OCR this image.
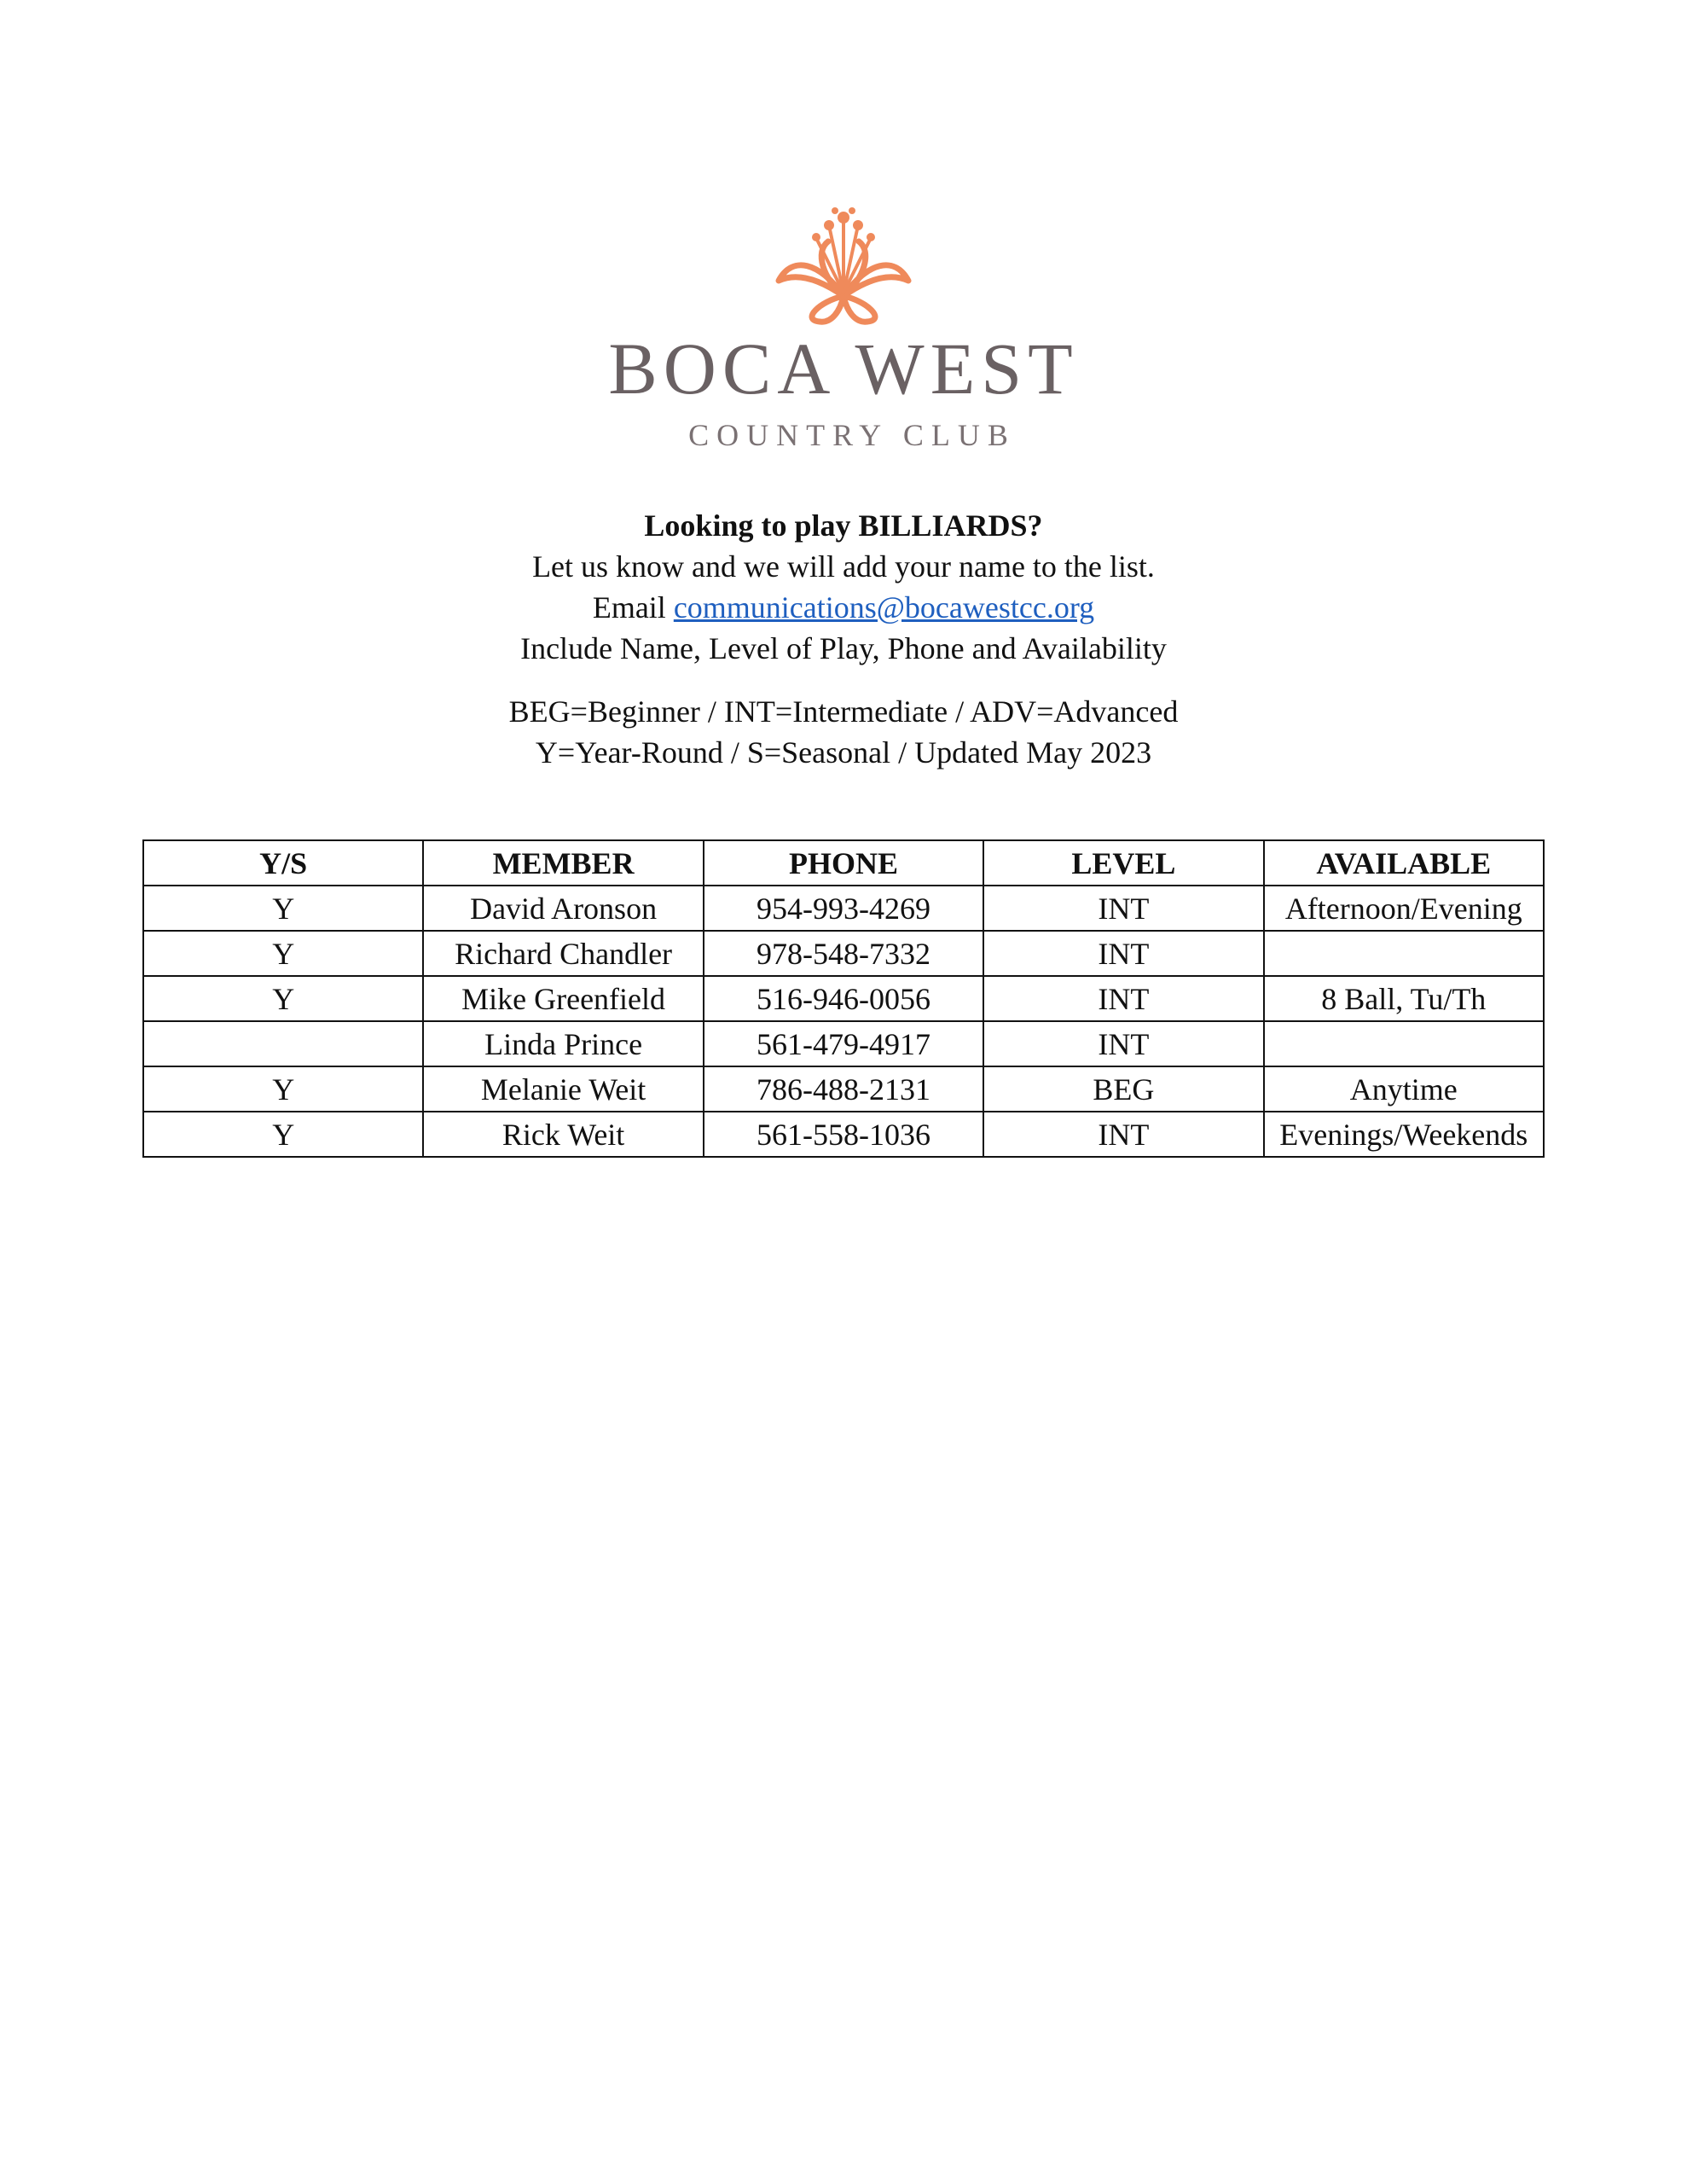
BOCA WEST
COUNTRY CLUB
Looking to play BILLIARDS?
Let us know and we will add your name to the list.
Email communications@bocawestcc.org
Include Name, Level of Play, Phone and Availability
BEG=Beginner / INT=Intermediate / ADV=Advanced
Y=Year-Round / S=Seasonal / Updated May 2023
Y/S	MEMBER	PHONE	LEVEL	AVAILABLE
Y	David Aronson	954-993-4269	INT	Afternoon/Evening
Y	Richard Chandler	978-548-7332	INT	
Y	Mike Greenfield	516-946-0056	INT	8 Ball, Tu/Th
	Linda Prince	561-479-4917	INT	
Y	Melanie Weit	786-488-2131	BEG	Anytime
Y	Rick Weit	561-558-1036	INT	Evenings/Weekends
